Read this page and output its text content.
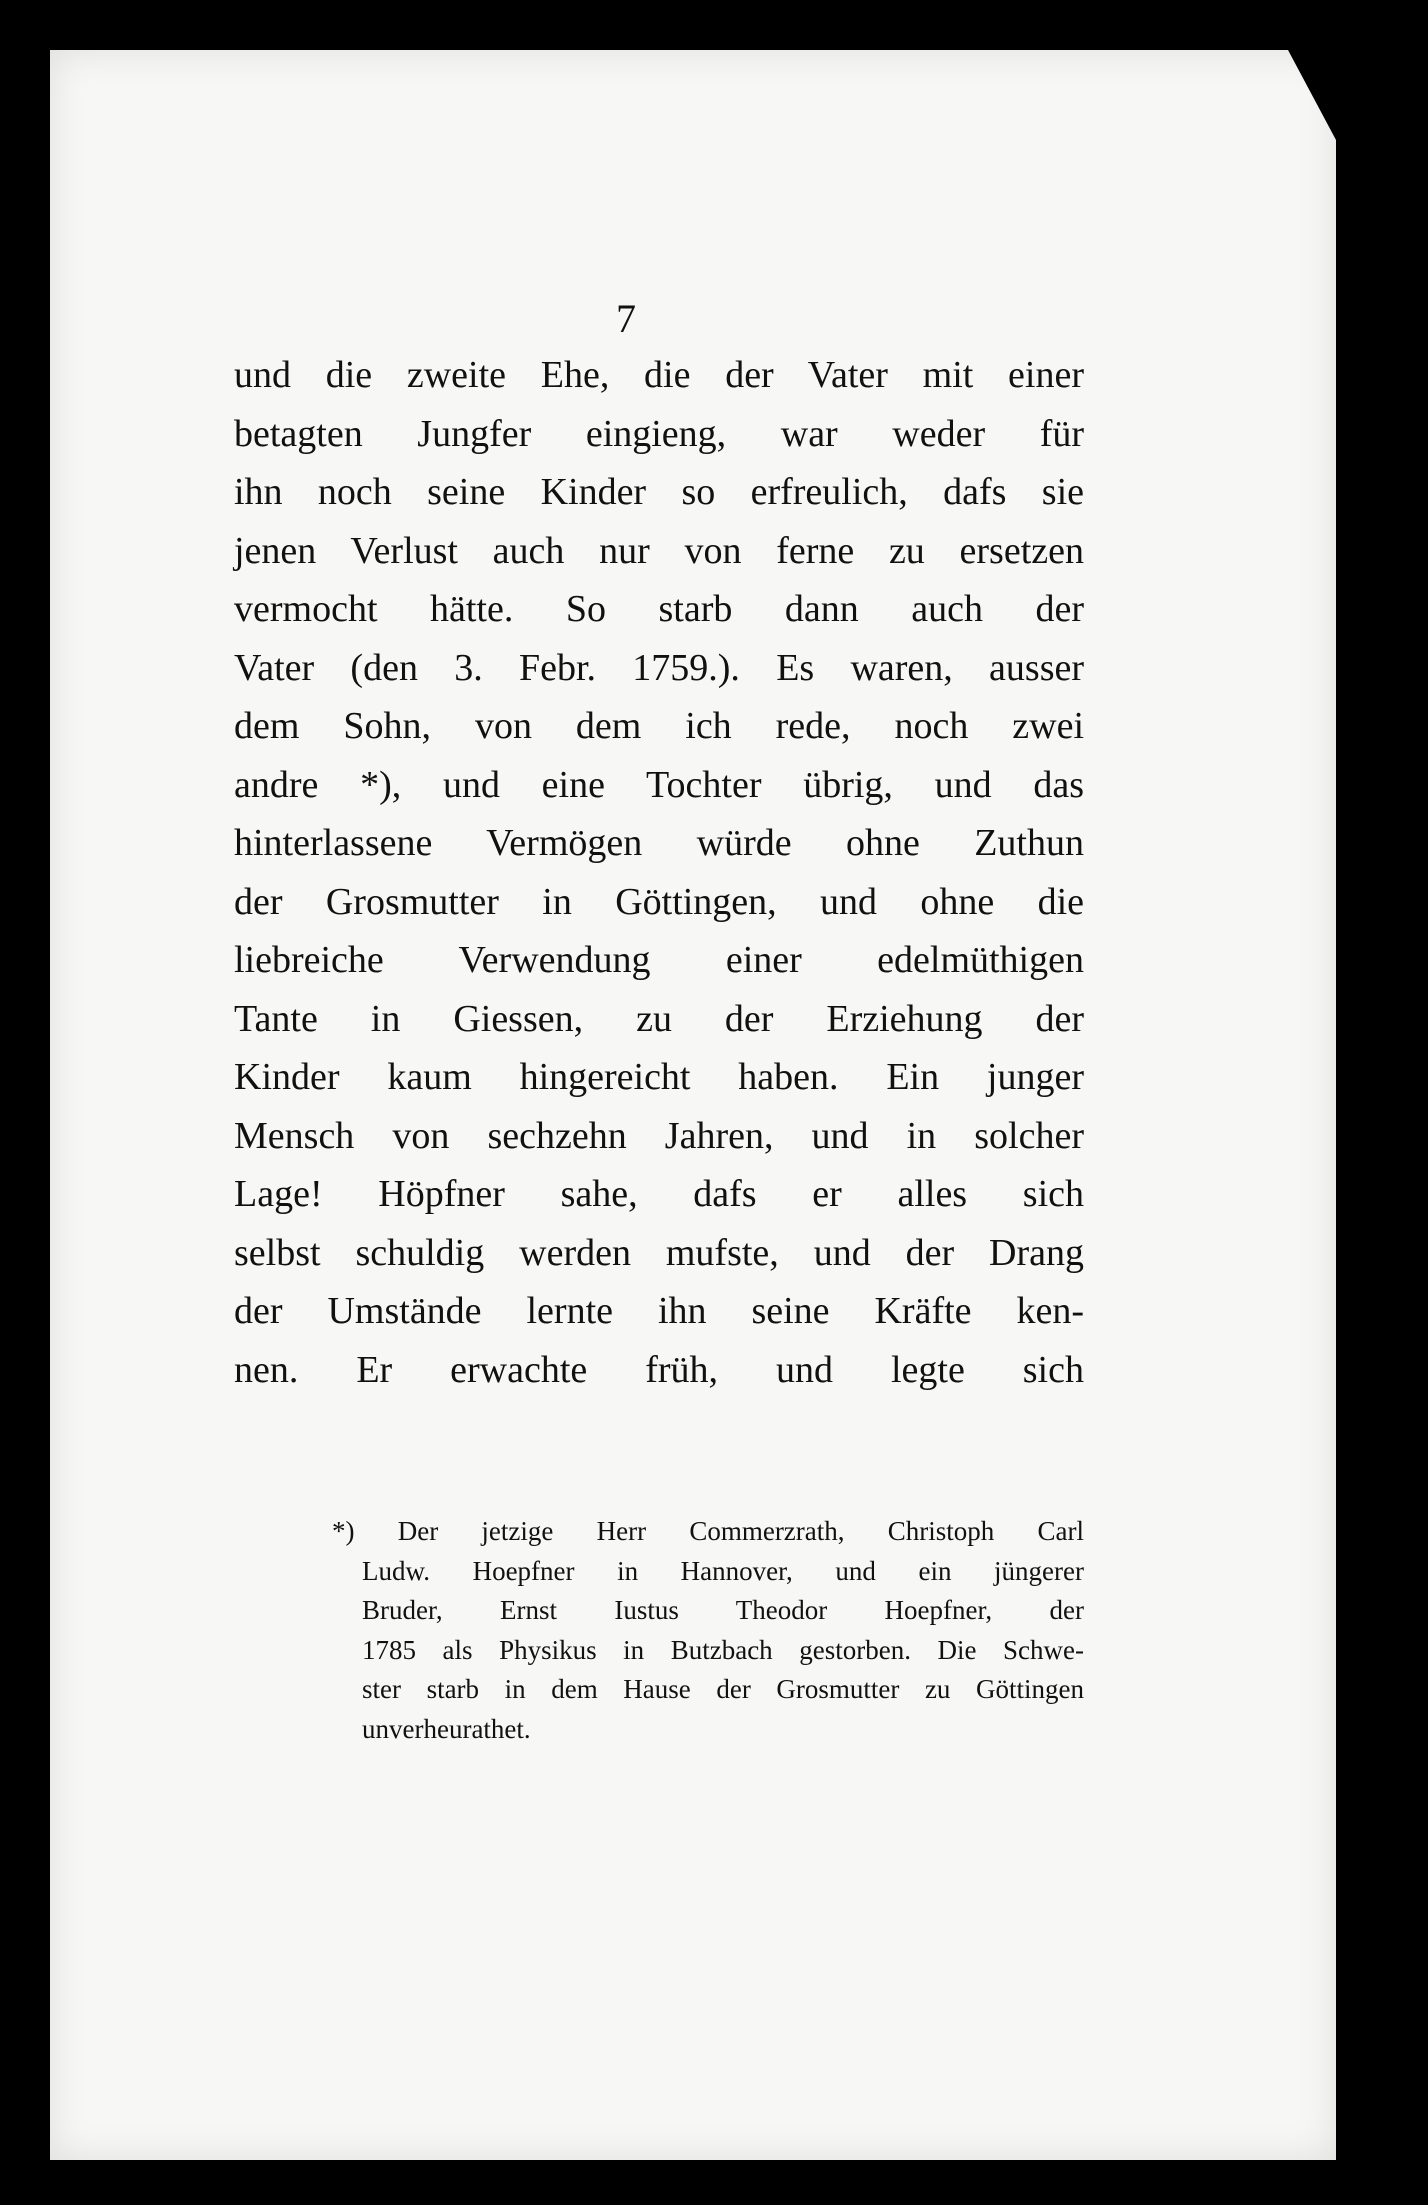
7
und die zweite Ehe, die der Vater mit einer
betagten Jungfer eingieng, war weder für
ihn noch seine Kinder so erfreulich, dafs sie
jenen Verlust auch nur von ferne zu ersetzen
vermocht hätte. So starb dann auch der
Vater (den 3. Febr. 1759.). Es waren, ausser
dem Sohn, von dem ich rede, noch zwei
andre *), und eine Tochter übrig, und das
hinterlassene Vermögen würde ohne Zuthun
der Grosmutter in Göttingen, und ohne die
liebreiche Verwendung einer edelmüthigen
Tante in Giessen, zu der Erziehung der
Kinder kaum hingereicht haben. Ein junger
Mensch von sechzehn Jahren, und in solcher
Lage! Höpfner sahe, dafs er alles sich
selbst schuldig werden mufste, und der Drang
der Umstände lernte ihn seine Kräfte ken-
nen. Er erwachte früh, und legte sich
*) Der jetzige Herr Commerzrath, Christoph Carl
Ludw. Hoepfner in Hannover, und ein jüngerer
Bruder, Ernst Iustus Theodor Hoepfner, der
1785 als Physikus in Butzbach gestorben. Die Schwe-
ster starb in dem Hause der Grosmutter zu Göttingen
unverheurathet.
